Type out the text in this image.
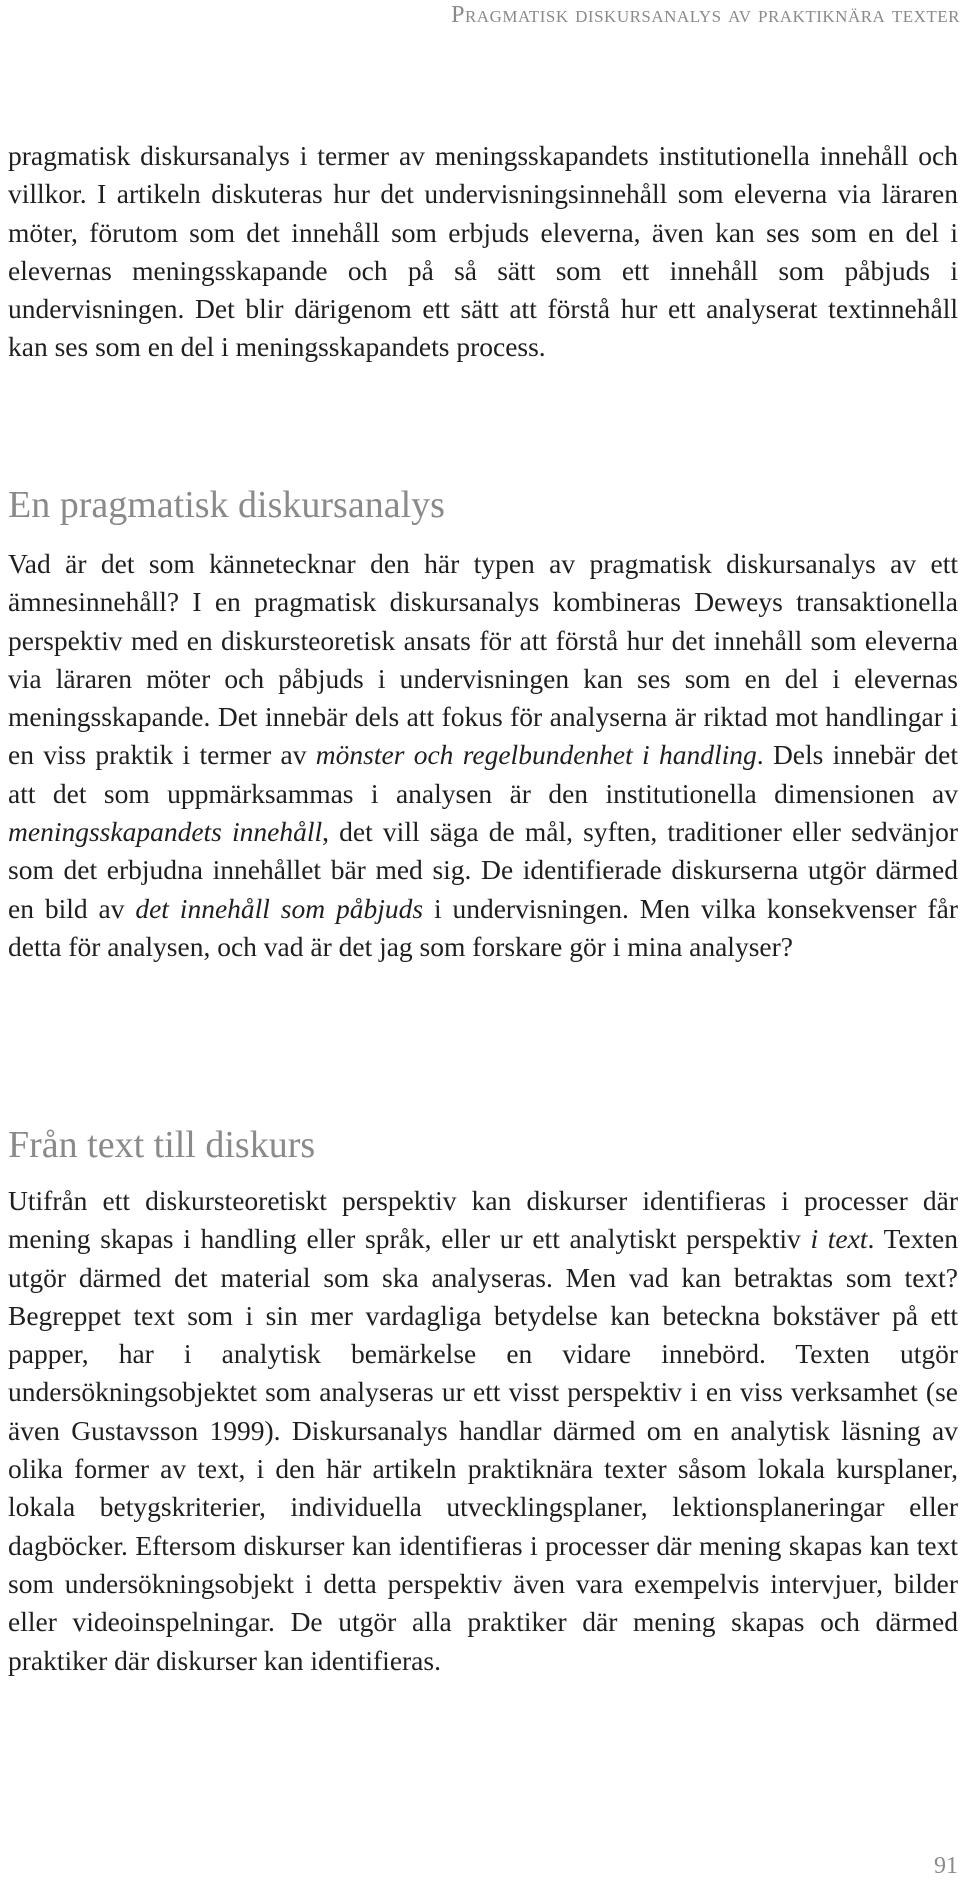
Pragmatisk diskursanalys av praktiknära texter

pragmatisk diskursanalys i termer av meningsskapandets institutionella innehåll och villkor. I artikeln diskuteras hur det undervisningsinnehåll som eleverna via läraren möter, förutom som det innehåll som erbjuds eleverna, även kan ses som en del i elevernas meningsskapande och på så sätt som ett innehåll som påbjuds i undervisningen. Det blir därigenom ett sätt att förstå hur ett analyserat textinnehåll kan ses som en del i meningsskapandets process.

En pragmatisk diskursanalys

Vad är det som kännetecknar den här typen av pragmatisk diskursanalys av ett ämnesinnehåll? I en pragmatisk diskursanalys kombineras Deweys transaktionella perspektiv med en diskursteoretisk ansats för att förstå hur det innehåll som eleverna via läraren möter och påbjuds i undervisningen kan ses som en del i elevernas meningsskapande. Det innebär dels att fokus för analyserna är riktad mot handlingar i en viss praktik i termer av mönster och regelbundenhet i handling. Dels innebär det att det som uppmärksammas i analysen är den institutionella dimensionen av meningsskapandets innehåll, det vill säga de mål, syften, traditioner eller sedvänjor som det erbjudna innehållet bär med sig. De identifierade diskurserna utgör därmed en bild av det innehåll som påbjuds i undervisningen. Men vilka konsekvenser får detta för analysen, och vad är det jag som forskare gör i mina analyser?

Från text till diskurs

Utifrån ett diskursteoretiskt perspektiv kan diskurser identifieras i processer där mening skapas i handling eller språk, eller ur ett analytiskt perspektiv i text. Texten utgör därmed det material som ska analyseras. Men vad kan betraktas som text? Begreppet text som i sin mer vardagliga betydelse kan beteckna bokstäver på ett papper, har i analytisk bemärkelse en vidare innebörd. Texten utgör undersökningsobjektet som analyseras ur ett visst perspektiv i en viss verksamhet (se även Gustavsson 1999). Diskursanalys handlar därmed om en analytisk läsning av olika former av text, i den här artikeln praktiknära texter såsom lokala kursplaner, lokala betygskriterier, individuella utvecklingsplaner, lektionsplaneringar eller dagböcker. Eftersom diskurser kan identifieras i processer där mening skapas kan text som undersökningsobjekt i detta perspektiv även vara exempelvis intervjuer, bilder eller videoinspelningar. De utgör alla praktiker där mening skapas och därmed praktiker där diskurser kan identifieras.

91
